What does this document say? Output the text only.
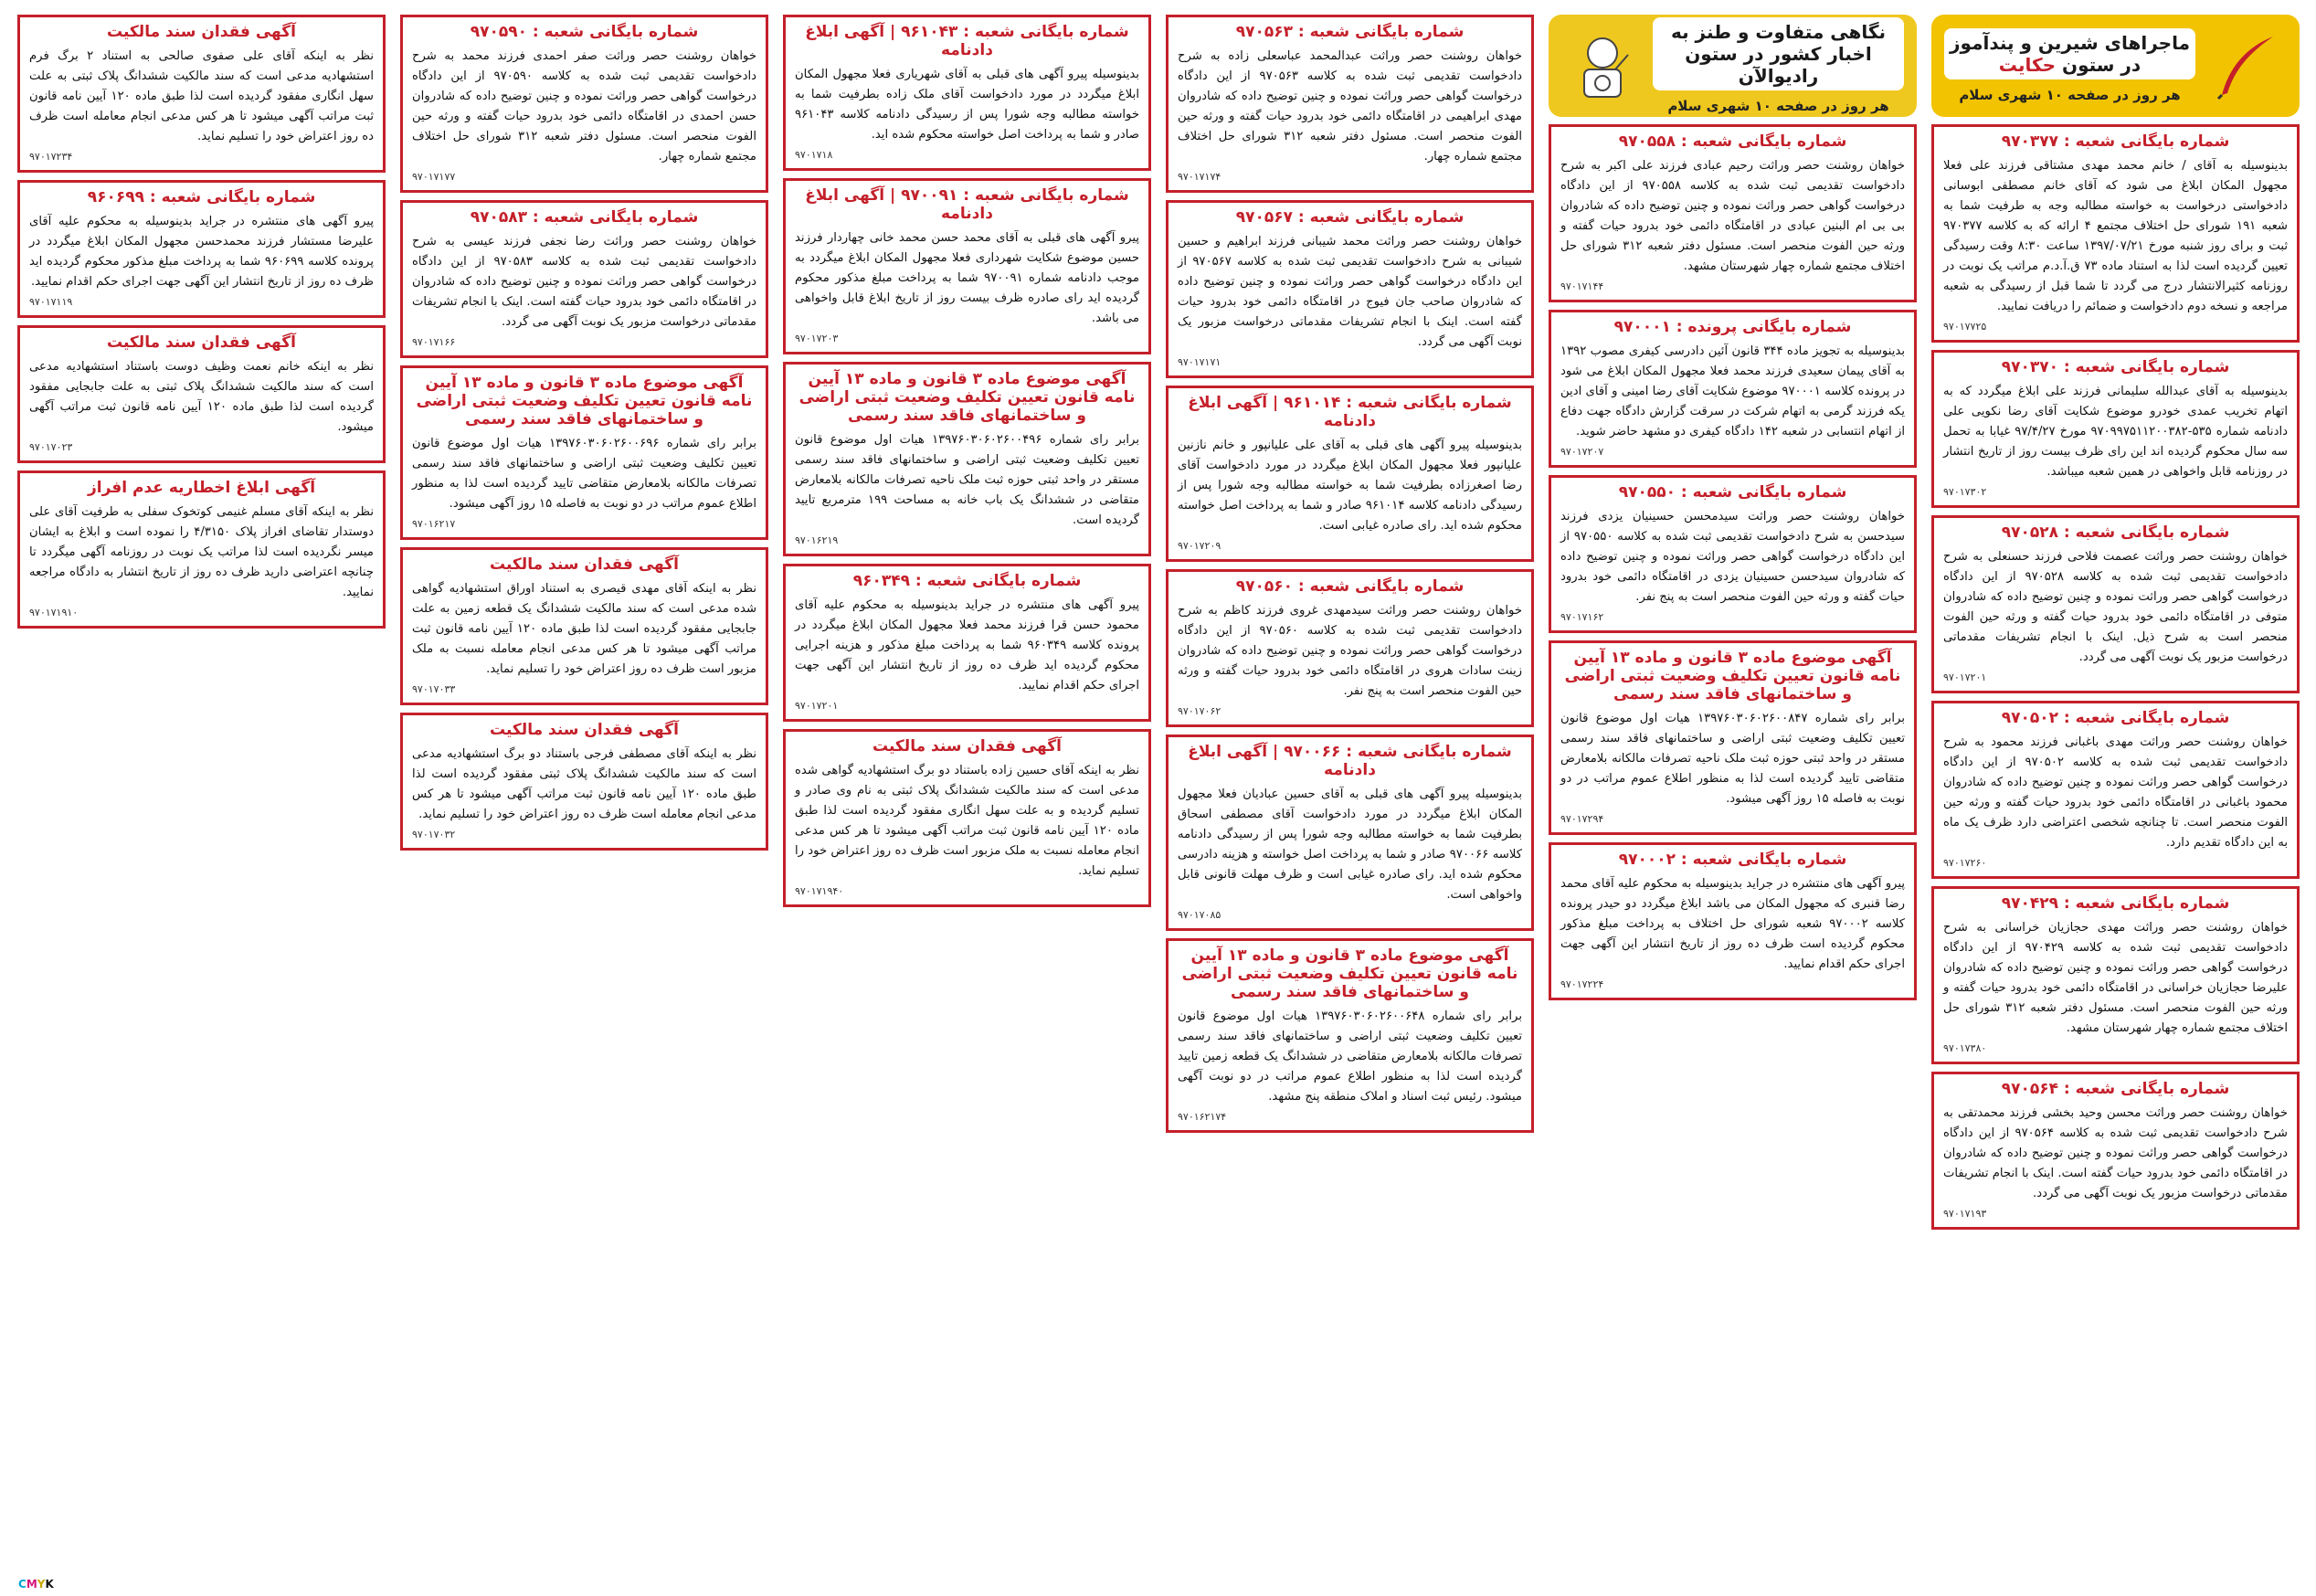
ماجراهای شیرین و پندآموز در ستون حکایت
هر روز در صفحه ۱۰ شهری سلام
شماره بایگانی شعبه : ۹۷۰۳۷۷

بدینوسیله به آقای / خانم محمد مهدی مشتاقی فرزند علی فعلا مجهول المکان ابلاغ می شود که آقای خانم مصطفی ابوسانی دادخواستی درخواست به خواسته مطالبه وجه به طرفیت شما به شعبه ۱۹۱ شورای حل اختلاف مجتمع ۴ ارائه که به کلاسه ۹۷۰۳۷۷ ثبت و برای روز شنبه مورخ ۱۳۹۷/۰۷/۲۱ ساعت ۸:۳۰ وقت رسیدگی تعیین گردیده است لذا به استناد ماده ۷۳ ق.آ.د.م مراتب یک نوبت در روزنامه کثیرالانتشار درج می گردد تا شما قبل از رسیدگی به شعبه مراجعه و نسخه دوم دادخواست و ضمائم را دریافت نمایید.

۹۷۰۱۷۷۲۵
شماره بایگانی شعبه : ۹۷۰۳۷۰

بدینوسیله به آقای عبدالله سلیمانی فرزند علی ابلاغ میگردد که به اتهام تخریب عمدی خودرو موضوع شکایت آقای رضا نکویی علی دادنامه شماره ۵۳۵-۹۷۰۹۹۷۵۱۱۲۰۰۳۸۲ مورخ ۹۷/۴/۲۷ غیابا به تحمل سه سال محکوم گردیده اند این رای ظرف بیست روز از تاریخ انتشار در روزنامه قابل واخواهی در همین شعبه میباشد.

۹۷۰۱۷۳۰۲
شماره بایگانی شعبه : ۹۷۰۵۲۸

خواهان روشنت حصر وراثت عصمت فلاحی فرزند حسنعلی به شرح دادخواست تقدیمی ثبت شده به کلاسه ۹۷۰۵۲۸ از این دادگاه درخواست گواهی حصر وراثت نموده و چنین توضیح داده که شادروان متوفی در اقامتگاه دائمی خود بدرود حیات گفته و ورثه حین الفوت منحصر است به شرح ذیل. اینک با انجام تشریفات مقدماتی درخواست مزبور یک نوبت آگهی می گردد.

۹۷۰۱۷۲۰۱
شماره بایگانی شعبه : ۹۷۰۵۰۲

خواهان روشنت حصر وراثت مهدی باغبانی فرزند محمود به شرح دادخواست تقدیمی ثبت شده به کلاسه ۹۷۰۵۰۲ از این دادگاه درخواست گواهی حصر وراثت نموده و چنین توضیح داده که شادروان محمود باغبانی در اقامتگاه دائمی خود بدرود حیات گفته و ورثه حین الفوت منحصر است. تا چنانچه شخصی اعتراضی دارد ظرف یک ماه به این دادگاه تقدیم دارد.

۹۷۰۱۷۲۶۰
شماره بایگانی شعبه : ۹۷۰۴۲۹

خواهان روشنت حصر وراثت مهدی حجازیان خراسانی به شرح دادخواست تقدیمی ثبت شده به کلاسه ۹۷۰۴۲۹ از این دادگاه درخواست گواهی حصر وراثت نموده و چنین توضیح داده که شادروان علیرضا حجازیان خراسانی در اقامتگاه دائمی خود بدرود حیات گفته و ورثه حین الفوت منحصر است. مسئول دفتر شعبه ۳۱۲ شورای حل اختلاف مجتمع شماره چهار شهرستان مشهد.

۹۷۰۱۷۳۸۰
شماره بایگانی شعبه : ۹۷۰۵۶۴

خواهان روشنت حصر وراثت محسن وحید بخشی فرزند محمدتقی به شرح دادخواست تقدیمی ثبت شده به کلاسه ۹۷۰۵۶۴ از این دادگاه درخواست گواهی حصر وراثت نموده و چنین توضیح داده که شادروان در اقامتگاه دائمی خود بدرود حیات گفته است. اینک با انجام تشریفات مقدماتی درخواست مزبور یک نوبت آگهی می گردد.

۹۷۰۱۷۱۹۳
نگاهی متفاوت و طنز به اخبار کشور در ستون رادیوالآن
هر روز در صفحه ۱۰ شهری سلام
شماره بایگانی شعبه : ۹۷۰۵۵۸

خواهان روشنت حصر وراثت رحیم عبادی فرزند علی اکبر به شرح دادخواست تقدیمی ثبت شده به کلاسه ۹۷۰۵۵۸ از این دادگاه درخواست گواهی حصر وراثت نموده و چنین توضیح داده که شادروان بی بی ام البنین عبادی در اقامتگاه دائمی خود بدرود حیات گفته و ورثه حین الفوت منحصر است. مسئول دفتر شعبه ۳۱۲ شورای حل اختلاف مجتمع شماره چهار شهرستان مشهد.

۹۷۰۱۷۱۴۴
شماره بایگانی پرونده : ۹۷۰۰۰۱

بدینوسیله به تجویز ماده ۳۴۴ قانون آئین دادرسی کیفری مصوب ۱۳۹۲ به آقای پیمان سعیدی فرزند محمد فعلا مجهول المکان ابلاغ می شود در پرونده کلاسه ۹۷۰۰۰۱ موضوع شکایت آقای رضا امینی و آقای ادین یکه فرزند گرمی به اتهام شرکت در سرقت گزارش دادگاه جهت دفاع از اتهام انتسابی در شعبه ۱۴۲ دادگاه کیفری دو مشهد حاضر شوید.

۹۷۰۱۷۲۰۷
شماره بایگانی شعبه : ۹۷۰۵۵۰

خواهان روشنت حصر وراثت سیدمحسن حسینیان یزدی فرزند سیدحسن به شرح دادخواست تقدیمی ثبت شده به کلاسه ۹۷۰۵۵۰ از این دادگاه درخواست گواهی حصر وراثت نموده و چنین توضیح داده که شادروان سیدحسن حسینیان یزدی در اقامتگاه دائمی خود بدرود حیات گفته و ورثه حین الفوت منحصر است به پنج نفر.

۹۷۰۱۷۱۶۲
آگهی موضوع ماده ۳ قانون و ماده ۱۳ آیین نامه قانون تعیین تکلیف وضعیت ثبتی اراضی و ساختمانهای فاقد سند رسمی

برابر رای شماره ۱۳۹۷۶۰۳۰۶۰۲۶۰۰۸۴۷ هیات اول موضوع قانون تعیین تکلیف وضعیت ثبتی اراضی و ساختمانهای فاقد سند رسمی مستقر در واحد ثبتی حوزه ثبت ملک ناحیه تصرفات مالکانه بلامعارض متقاضی تایید گردیده است لذا به منظور اطلاع عموم مراتب در دو نوبت به فاصله ۱۵ روز آگهی میشود.

۹۷۰۱۷۲۹۴
شماره بایگانی شعبه : ۹۷۰۰۰۲

پیرو آگهی های منتشره در جراید بدینوسیله به محکوم علیه آقای محمد رضا قنبری که مجهول المکان می باشد ابلاغ میگردد دو حیدر پرونده کلاسه ۹۷۰۰۰۲ شعبه شورای حل اختلاف به پرداخت مبلغ مذکور محکوم گردیده است ظرف ده روز از تاریخ انتشار این آگهی جهت اجرای حکم اقدام نمایید.

۹۷۰۱۷۲۲۴
شماره بایگانی شعبه : ۹۷۰۵۶۳

خواهان روشنت حصر وراثت عبدالمحمد عباسعلی زاده به شرح دادخواست تقدیمی ثبت شده به کلاسه ۹۷۰۵۶۳ از این دادگاه درخواست گواهی حصر وراثت نموده و چنین توضیح داده که شادروان مهدی ابراهیمی در اقامتگاه دائمی خود بدرود حیات گفته و ورثه حین الفوت منحصر است. مسئول دفتر شعبه ۳۱۲ شورای حل اختلاف مجتمع شماره چهار.

۹۷۰۱۷۱۷۴
شماره بایگانی شعبه : ۹۷۰۵۶۷

خواهان روشنت حصر وراثت محمد شیبانی فرزند ابراهیم و حسین شیبانی به شرح دادخواست تقدیمی ثبت شده به کلاسه ۹۷۰۵۶۷ از این دادگاه درخواست گواهی حصر وراثت نموده و چنین توضیح داده که شادروان صاحب جان فیوج در اقامتگاه دائمی خود بدرود حیات گفته است. اینک با انجام تشریفات مقدماتی درخواست مزبور یک نوبت آگهی می گردد.

۹۷۰۱۷۱۷۱
شماره بایگانی شعبه : ۹۶۱۰۱۴ | آگهی ابلاغ دادنامه

بدینوسیله پیرو آگهی های قبلی به آقای علی علیانپور و خانم نازنین علیانپور فعلا مجهول المکان ابلاغ میگردد در مورد دادخواست آقای رضا اصغرزاده بطرفیت شما به خواسته مطالبه وجه شورا پس از رسیدگی دادنامه کلاسه ۹۶۱۰۱۴ صادر و شما به پرداخت اصل خواسته محکوم شده اید. رای صادره غیابی است.

۹۷۰۱۷۲۰۹
شماره بایگانی شعبه : ۹۷۰۵۶۰

خواهان روشنت حصر وراثت سیدمهدی غروی فرزند کاظم به شرح دادخواست تقدیمی ثبت شده به کلاسه ۹۷۰۵۶۰ از این دادگاه درخواست گواهی حصر وراثت نموده و چنین توضیح داده که شادروان زینت سادات هروی در اقامتگاه دائمی خود بدرود حیات گفته و ورثه حین الفوت منحصر است به پنج نفر.

۹۷۰۱۷۰۶۲
شماره بایگانی شعبه : ۹۷۰۰۶۶ | آگهی ابلاغ دادنامه

بدینوسیله پیرو آگهی های قبلی به آقای حسین عبادیان فعلا مجهول المکان ابلاغ میگردد در مورد دادخواست آقای مصطفی اسحاق بطرفیت شما به خواسته مطالبه وجه شورا پس از رسیدگی دادنامه کلاسه ۹۷۰۰۶۶ صادر و شما به پرداخت اصل خواسته و هزینه دادرسی محکوم شده اید. رای صادره غیابی است و ظرف مهلت قانونی قابل واخواهی است.

۹۷۰۱۷۰۸۵
آگهی موضوع ماده ۳ قانون و ماده ۱۳ آیین نامه قانون تعیین تکلیف وضعیت ثبتی اراضی و ساختمانهای فاقد سند رسمی

برابر رای شماره ۱۳۹۷۶۰۳۰۶۰۲۶۰۰۶۴۸ هیات اول موضوع قانون تعیین تکلیف وضعیت ثبتی اراضی و ساختمانهای فاقد سند رسمی تصرفات مالکانه بلامعارض متقاضی در ششدانگ یک قطعه زمین تایید گردیده است لذا به منظور اطلاع عموم مراتب در دو نوبت آگهی میشود. رئیس ثبت اسناد و املاک منطقه پنج مشهد.

۹۷۰۱۶۲۱۷۴
شماره بایگانی شعبه : ۹۶۱۰۴۳ | آگهی ابلاغ دادنامه

بدینوسیله پیرو آگهی های قبلی به آقای شهریاری فعلا مجهول المکان ابلاغ میگردد در مورد دادخواست آقای ملک زاده بطرفیت شما به خواسته مطالبه وجه شورا پس از رسیدگی دادنامه کلاسه ۹۶۱۰۴۳ صادر و شما به پرداخت اصل خواسته محکوم شده اید.

۹۷۰۱۷۱۸
شماره بایگانی شعبه : ۹۷۰۰۹۱ | آگهی ابلاغ دادنامه

پیرو آگهی های قبلی به آقای محمد حسن محمد خانی چهاردار فرزند حسین موضوع شکایت شهرداری فعلا مجهول المکان ابلاغ میگردد به موجب دادنامه شماره ۹۷۰۰۹۱ شما به پرداخت مبلغ مذکور محکوم گردیده اید رای صادره ظرف بیست روز از تاریخ ابلاغ قابل واخواهی می باشد.

۹۷۰۱۷۲۰۳
آگهی موضوع ماده ۳ قانون و ماده ۱۳ آیین نامه قانون تعیین تکلیف وضعیت ثبتی اراضی و ساختمانهای فاقد سند رسمی

برابر رای شماره ۱۳۹۷۶۰۳۰۶۰۲۶۰۰۴۹۶ هیات اول موضوع قانون تعیین تکلیف وضعیت ثبتی اراضی و ساختمانهای فاقد سند رسمی مستقر در واحد ثبتی حوزه ثبت ملک ناحیه تصرفات مالکانه بلامعارض متقاضی در ششدانگ یک باب خانه به مساحت ۱۹۹ مترمربع تایید گردیده است.

۹۷۰۱۶۲۱۹
شماره بایگانی شعبه : ۹۶۰۳۴۹

پیرو آگهی های منتشره در جراید بدینوسیله به محکوم علیه آقای محمود حسن قرا فرزند محمد فعلا مجهول المکان ابلاغ میگردد در پرونده کلاسه ۹۶۰۳۴۹ شما به پرداخت مبلغ مذکور و هزینه اجرایی محکوم گردیده اید ظرف ده روز از تاریخ انتشار این آگهی جهت اجرای حکم اقدام نمایید.

۹۷۰۱۷۲۰۱
آگهی فقدان سند مالکیت

نظر به اینکه آقای حسین زاده باستناد دو برگ استشهادیه گواهی شده مدعی است که سند مالکیت ششدانگ پلاک ثبتی به نام وی صادر و تسلیم گردیده و به علت سهل انگاری مفقود گردیده است لذا طبق ماده ۱۲۰ آیین نامه قانون ثبت مراتب آگهی میشود تا هر کس مدعی انجام معامله نسبت به ملک مزبور است ظرف ده روز اعتراض خود را تسلیم نماید.

۹۷۰۱۷۱۹۴۰
شماره بایگانی شعبه : ۹۷۰۵۹۰

خواهان روشنت حصر وراثت صفر احمدی فرزند محمد به شرح دادخواست تقدیمی ثبت شده به کلاسه ۹۷۰۵۹۰ از این دادگاه درخواست گواهی حصر وراثت نموده و چنین توضیح داده که شادروان حسن احمدی در اقامتگاه دائمی خود بدرود حیات گفته و ورثه حین الفوت منحصر است. مسئول دفتر شعبه ۳۱۲ شورای حل اختلاف مجتمع شماره چهار.

۹۷۰۱۷۱۷۷
شماره بایگانی شعبه : ۹۷۰۵۸۳

خواهان روشنت حصر وراثت رضا نجفی فرزند عیسی به شرح دادخواست تقدیمی ثبت شده به کلاسه ۹۷۰۵۸۳ از این دادگاه درخواست گواهی حصر وراثت نموده و چنین توضیح داده که شادروان در اقامتگاه دائمی خود بدرود حیات گفته است. اینک با انجام تشریفات مقدماتی درخواست مزبور یک نوبت آگهی می گردد.

۹۷۰۱۷۱۶۶
آگهی موضوع ماده ۳ قانون و ماده ۱۳ آیین نامه قانون تعیین تکلیف وضعیت ثبتی اراضی و ساختمانهای فاقد سند رسمی

برابر رای شماره ۱۳۹۷۶۰۳۰۶۰۲۶۰۰۶۹۶ هیات اول موضوع قانون تعیین تکلیف وضعیت ثبتی اراضی و ساختمانهای فاقد سند رسمی تصرفات مالکانه بلامعارض متقاضی تایید گردیده است لذا به منظور اطلاع عموم مراتب در دو نوبت به فاصله ۱۵ روز آگهی میشود.

۹۷۰۱۶۲۱۷
آگهی فقدان سند مالکیت

نظر به اینکه آقای مهدی قیصری به استناد اوراق استشهادیه گواهی شده مدعی است که سند مالکیت ششدانگ یک قطعه زمین به علت جابجایی مفقود گردیده است لذا طبق ماده ۱۲۰ آیین نامه قانون ثبت مراتب آگهی میشود تا هر کس مدعی انجام معامله نسبت به ملک مزبور است ظرف ده روز اعتراض خود را تسلیم نماید.

۹۷۰۱۷۰۳۳
آگهی فقدان سند مالکیت

نظر به اینکه آقای مصطفی فرجی باستناد دو برگ استشهادیه مدعی است که سند مالکیت ششدانگ پلاک ثبتی مفقود گردیده است لذا طبق ماده ۱۲۰ آیین نامه قانون ثبت مراتب آگهی میشود تا هر کس مدعی انجام معامله است ظرف ده روز اعتراض خود را تسلیم نماید.

۹۷۰۱۷۰۳۲
آگهی فقدان سند مالکیت

نظر به اینکه آقای علی صفوی صالحی به استناد ۲ برگ فرم استشهادیه مدعی است که سند مالکیت ششدانگ پلاک ثبتی به علت سهل انگاری مفقود گردیده است لذا طبق ماده ۱۲۰ آیین نامه قانون ثبت مراتب آگهی میشود تا هر کس مدعی انجام معامله است ظرف ده روز اعتراض خود را تسلیم نماید.

۹۷۰۱۷۲۳۴
شماره بایگانی شعبه : ۹۶۰۶۹۹

پیرو آگهی های منتشره در جراید بدینوسیله به محکوم علیه آقای علیرضا مستشار فرزند محمدحسن مجهول المکان ابلاغ میگردد در پرونده کلاسه ۹۶۰۶۹۹ شما به پرداخت مبلغ مذکور محکوم گردیده اید ظرف ده روز از تاریخ انتشار این آگهی جهت اجرای حکم اقدام نمایید.

۹۷۰۱۷۱۱۹
آگهی فقدان سند مالکیت

نظر به اینکه خانم نعمت وظیف دوست باستناد استشهادیه مدعی است که سند مالکیت ششدانگ پلاک ثبتی به علت جابجایی مفقود گردیده است لذا طبق ماده ۱۲۰ آیین نامه قانون ثبت مراتب آگهی میشود.

۹۷۰۱۷۰۲۳
آگهی ابلاغ اخطاریه عدم افراز

نظر به اینکه آقای مسلم غنیمی کوتخوک سفلی به طرفیت آقای علی دوستدار تقاضای افراز پلاک ۴/۳۱۵۰ را نموده است و ابلاغ به ایشان میسر نگردیده است لذا مراتب یک نوبت در روزنامه آگهی میگردد تا چنانچه اعتراضی دارید ظرف ده روز از تاریخ انتشار به دادگاه مراجعه نمایید.

۹۷۰۱۷۱۹۱۰
CMYK
